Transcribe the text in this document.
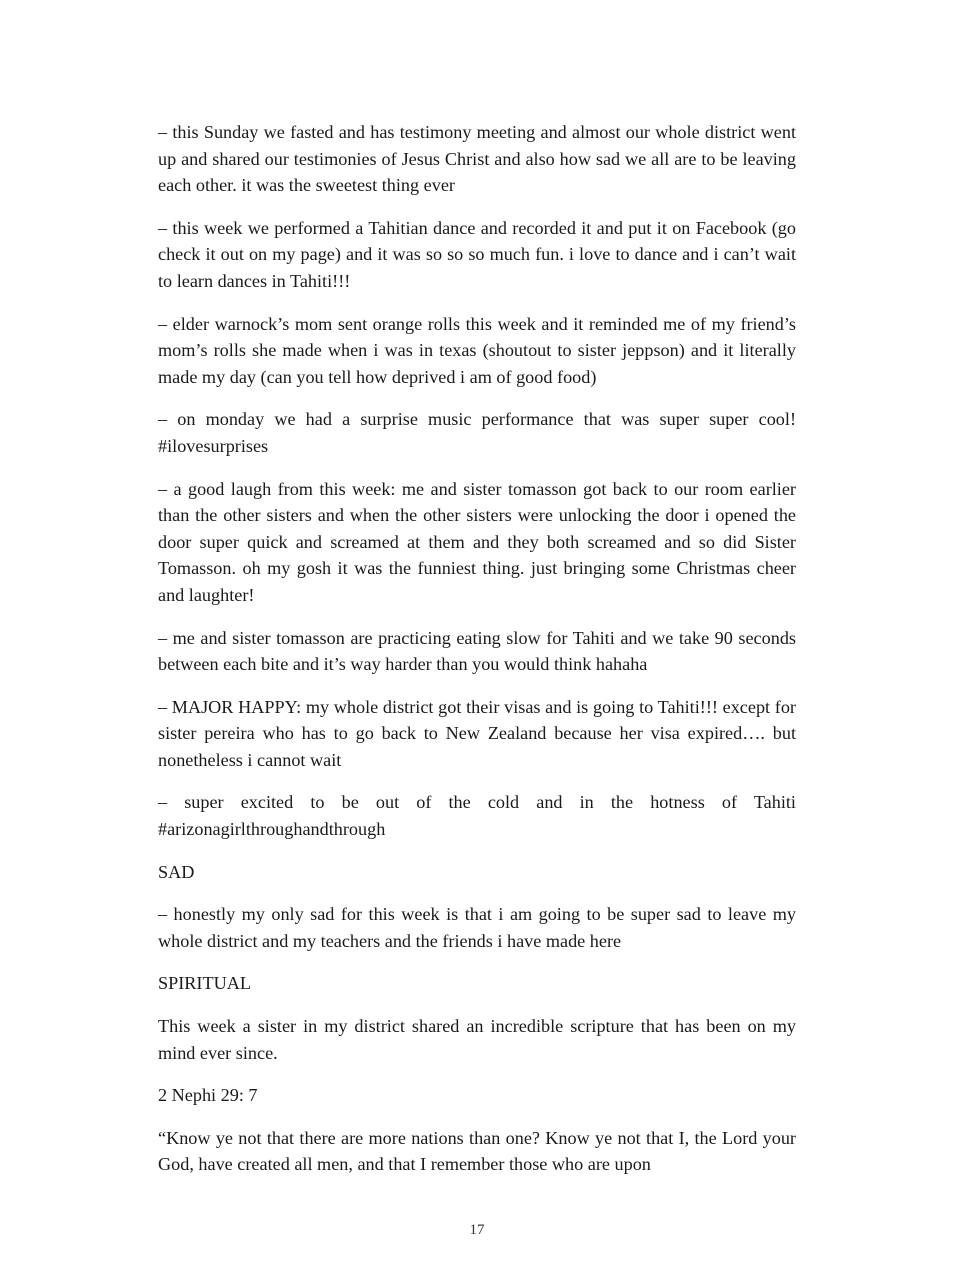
– this Sunday we fasted and has testimony meeting and almost our whole district went up and shared our testimonies of Jesus Christ and also how sad we all are to be leaving each other. it was the sweetest thing ever

– this week we performed a Tahitian dance and recorded it and put it on Facebook (go check it out on my page) and it was so so so much fun. i love to dance and i can’t wait to learn dances in Tahiti!!!

– elder warnock’s mom sent orange rolls this week and it reminded me of my friend’s mom’s rolls she made when i was in texas (shoutout to sister jeppson) and it literally made my day (can you tell how deprived i am of good food)

– on monday we had a surprise music performance that was super super cool! #ilovesurprises

– a good laugh from this week: me and sister tomasson got back to our room earlier than the other sisters and when the other sisters were unlocking the door i opened the door super quick and screamed at them and they both screamed and so did Sister Tomasson. oh my gosh it was the funniest thing. just bringing some Christmas cheer and laughter!

– me and sister tomasson are practicing eating slow for Tahiti and we take 90 seconds between each bite and it’s way harder than you would think hahaha

– MAJOR HAPPY: my whole district got their visas and is going to Tahiti!!! except for sister pereira who has to go back to New Zealand because her visa expired…. but nonetheless i cannot wait

– super excited to be out of the cold and in the hotness of Tahiti #arizonagirlthroughandthrough

SAD

– honestly my only sad for this week is that i am going to be super sad to leave my whole district and my teachers and the friends i have made here

SPIRITUAL

This week a sister in my district shared an incredible scripture that has been on my mind ever since.

2 Nephi 29: 7

“Know ye not that there are more nations than one? Know ye not that I, the Lord your God, have created all men, and that I remember those who are upon

17
